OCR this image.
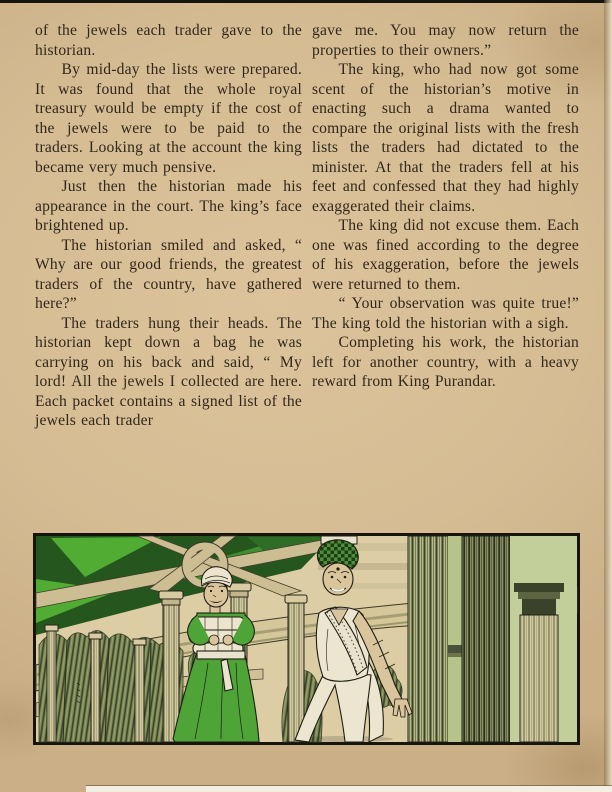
of the jewels each trader gave to the historian.

By mid-day the lists were prepared. It was found that the whole royal treasury would be empty if the cost of the jewels were to be paid to the traders. Looking at the account the king became very much pensive.

Just then the historian made his appearance in the court. The king’s face brightened up.

The historian smiled and asked, “ Why are our good friends, the greatest traders of the country, have gathered here?”

The traders hung their heads. The historian kept down a bag he was carrying on his back and said, “ My lord! All the jewels I collected are here. Each packet contains a signed list of the jewels each trader

gave me. You may now return the properties to their owners.”

The king, who had now got some scent of the historian’s motive in enacting such a drama wanted to compare the original lists with the fresh lists the traders had dictated to the minister. At that the traders fell at his feet and confessed that they had highly exaggerated their claims.

The king did not excuse them. Each one was fined according to the degree of his exaggeration, before the jewels were returned to them.

“ Your observation was quite true!” The king told the historian with a sigh.

Completing his work, the historian left for another country, with a heavy reward from King Purandar.
